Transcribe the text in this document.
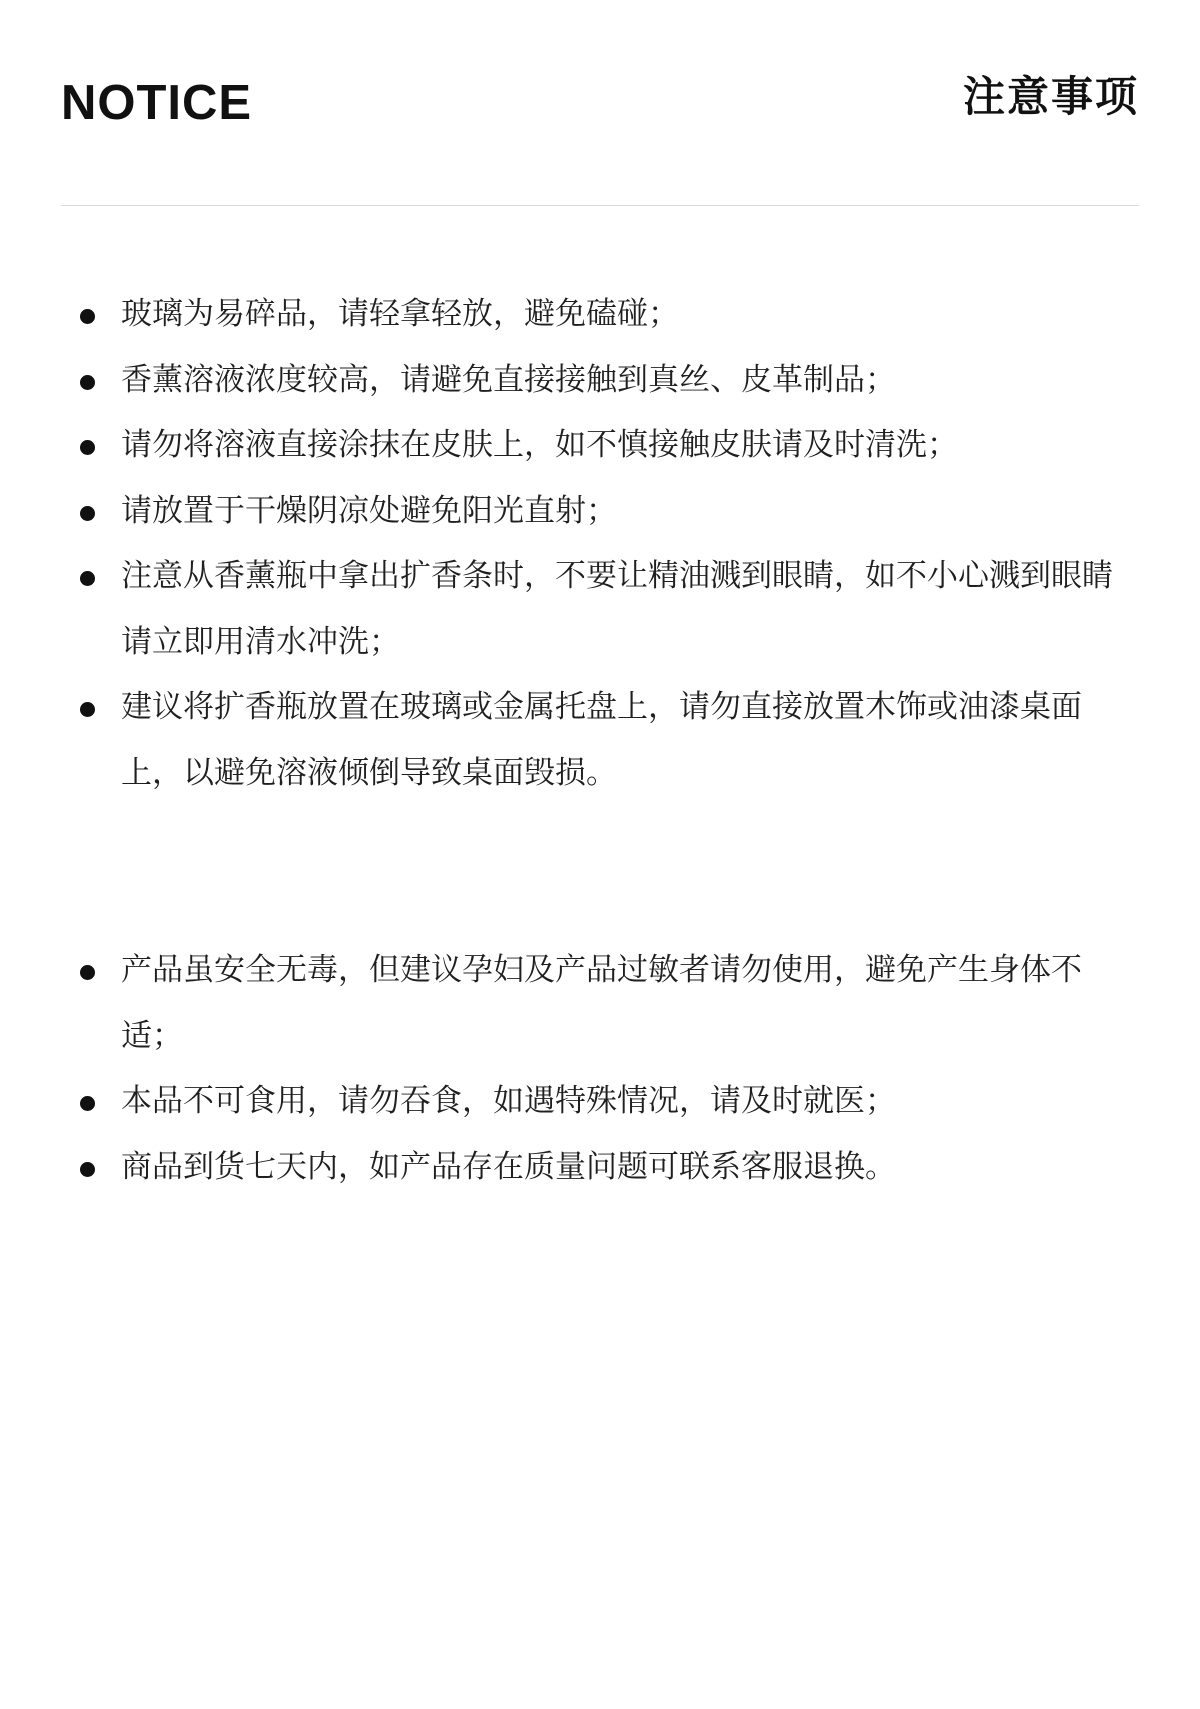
NOTICE	注意事项
玻璃为易碎品，请轻拿轻放，避免磕碰；
香薰溶液浓度较高，请避免直接接触到真丝、皮革制品；
请勿将溶液直接涂抹在皮肤上，如不慎接触皮肤请及时清洗；
请放置于干燥阴凉处避免阳光直射；
注意从香薰瓶中拿出扩香条时，不要让精油溅到眼睛，如不小心溅到眼睛请立即用清水冲洗；
建议将扩香瓶放置在玻璃或金属托盘上，请勿直接放置木饰或油漆桌面上，以避免溶液倾倒导致桌面毁损。
产品虽安全无毒，但建议孕妇及产品过敏者请勿使用，避免产生身体不适；
本品不可食用，请勿吞食，如遇特殊情况，请及时就医；
商品到货七天内，如产品存在质量问题可联系客服退换。
